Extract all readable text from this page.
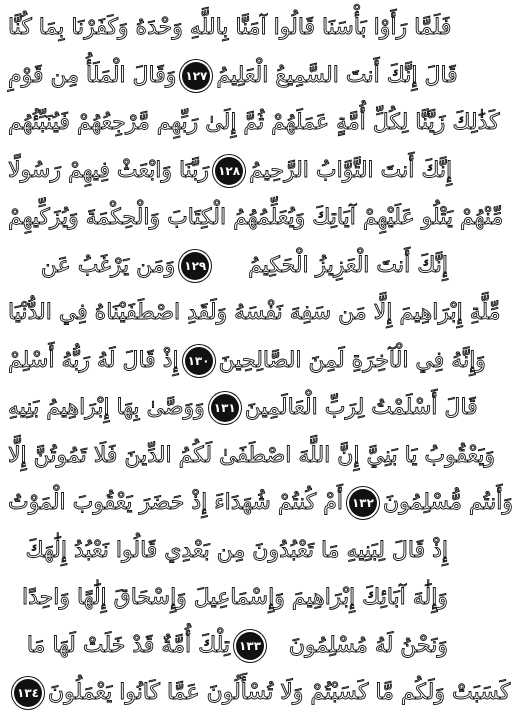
فَلَمَّا رَأَوْا بَأْسَنَا قَالُوا آمَنَّا بِاللَّهِ وَحْدَهُ وَكَفَرْنَا بِمَا كُنَّا
قَالَ إِنَّكَ أَنتَ السَّمِيعُ الْعَلِيمُ
١٢٧
وَقَالَ الْمَلَأُ مِن قَوْمِ
كَذَٰلِكَ زَيَّنَّا لِكُلِّ أُمَّةٍ عَمَلَهُمْ ثُمَّ إِلَىٰ رَبِّهِم مَّرْجِعُهُمْ فَيُنَبِّئُهُم
إِنَّكَ أَنتَ التَّوَّابُ الرَّحِيمُ
١٢٨
رَبَّنَا وَابْعَثْ فِيهِمْ رَسُولًا
مِّنْهُمْ يَتْلُو عَلَيْهِمْ آيَاتِكَ وَيُعَلِّمُهُمُ الْكِتَابَ وَالْحِكْمَةَ وَيُزَكِّيهِمْ
إِنَّكَ أَنتَ الْعَزِيزُ الْحَكِيمُ
١٢٩
وَمَن يَرْغَبُ عَن
مِّلَّةِ إِبْرَاهِيمَ إِلَّا مَن سَفِهَ نَفْسَهُ وَلَقَدِ اصْطَفَيْنَاهُ فِي الدُّنْيَا
وَإِنَّهُ فِي الْآخِرَةِ لَمِنَ الصَّالِحِينَ
١٣٠
إِذْ قَالَ لَهُ رَبُّهُ أَسْلِمْ
قَالَ أَسْلَمْتُ لِرَبِّ الْعَالَمِينَ
١٣١
وَوَصَّىٰ بِهَا إِبْرَاهِيمُ بَنِيهِ
وَيَعْقُوبُ يَا بَنِيَّ إِنَّ اللَّهَ اصْطَفَىٰ لَكُمُ الدِّينَ فَلَا تَمُوتُنَّ إِلَّا
وَأَنتُم مُّسْلِمُونَ
١٣٢
أَمْ كُنتُمْ شُهَدَاءَ إِذْ حَضَرَ يَعْقُوبَ الْمَوْتُ
إِذْ قَالَ لِبَنِيهِ مَا تَعْبُدُونَ مِن بَعْدِي قَالُوا نَعْبُدُ إِلَٰهَكَ
وَإِلَٰهَ آبَائِكَ إِبْرَاهِيمَ وَإِسْمَاعِيلَ وَإِسْحَاقَ إِلَٰهًا وَاحِدًا
وَنَحْنُ لَهُ مُسْلِمُونَ
١٣٣
تِلْكَ أُمَّةٌ قَدْ خَلَتْ لَهَا مَا
كَسَبَتْ وَلَكُم مَّا كَسَبْتُمْ وَلَا تُسْأَلُونَ عَمَّا كَانُوا يَعْمَلُونَ
١٣٤
